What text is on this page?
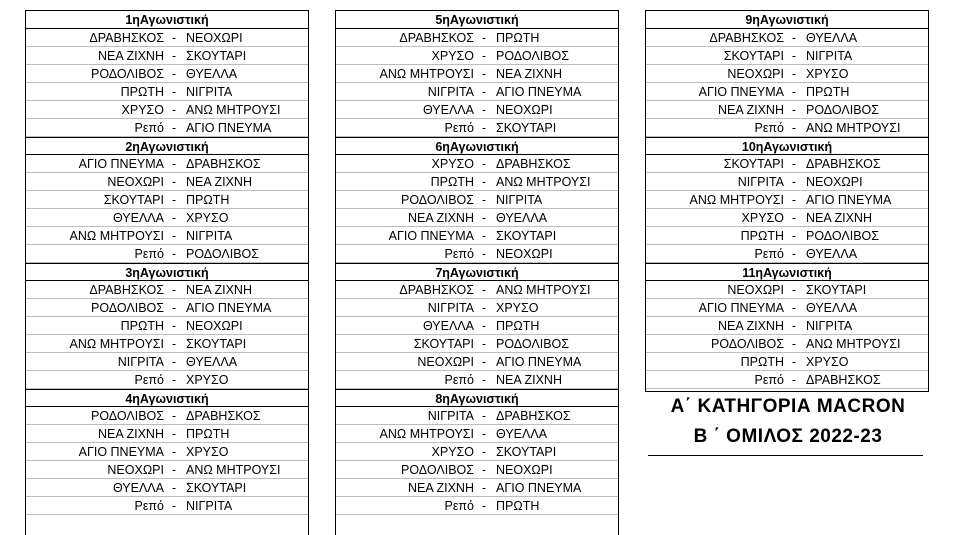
1ηΑγωνιστική
ΔΡΑΒΗΣΚΟΣ - ΝΕΟΧΩΡΙ
ΝΕΑ ΖΙΧΝΗ - ΣΚΟΥΤΑΡΙ
ΡΟΔΟΛΙΒΟΣ - ΘΥΕΛΛΑ
ΠΡΩΤΗ - ΝΙΓΡΙΤΑ
ΧΡΥΣΟ - ΑΝΩ ΜΗΤΡΟΥΣΙ
Ρεπό - ΑΓΙΟ ΠΝΕΥΜΑ
2ηΑγωνιστική
ΑΓΙΟ ΠΝΕΥΜΑ - ΔΡΑΒΗΣΚΟΣ
ΝΕΟΧΩΡΙ - ΝΕΑ ΖΙΧΝΗ
ΣΚΟΥΤΑΡΙ - ΠΡΩΤΗ
ΘΥΕΛΛΑ - ΧΡΥΣΟ
ΑΝΩ ΜΗΤΡΟΥΣΙ - ΝΙΓΡΙΤΑ
Ρεπό - ΡΟΔΟΛΙΒΟΣ
3ηΑγωνιστική
ΔΡΑΒΗΣΚΟΣ - ΝΕΑ ΖΙΧΝΗ
ΡΟΔΟΛΙΒΟΣ - ΑΓΙΟ ΠΝΕΥΜΑ
ΠΡΩΤΗ - ΝΕΟΧΩΡΙ
ΑΝΩ ΜΗΤΡΟΥΣΙ - ΣΚΟΥΤΑΡΙ
ΝΙΓΡΙΤΑ - ΘΥΕΛΛΑ
Ρεπό - ΧΡΥΣΟ
4ηΑγωνιστική
ΡΟΔΟΛΙΒΟΣ - ΔΡΑΒΗΣΚΟΣ
ΝΕΑ ΖΙΧΝΗ - ΠΡΩΤΗ
ΑΓΙΟ ΠΝΕΥΜΑ - ΧΡΥΣΟ
ΝΕΟΧΩΡΙ - ΑΝΩ ΜΗΤΡΟΥΣΙ
ΘΥΕΛΛΑ - ΣΚΟΥΤΑΡΙ
Ρεπό - ΝΙΓΡΙΤΑ
5ηΑγωνιστική
ΔΡΑΒΗΣΚΟΣ - ΠΡΩΤΗ
ΧΡΥΣΟ - ΡΟΔΟΛΙΒΟΣ
ΑΝΩ ΜΗΤΡΟΥΣΙ - ΝΕΑ ΖΙΧΝΗ
ΝΙΓΡΙΤΑ - ΑΓΙΟ ΠΝΕΥΜΑ
ΘΥΕΛΛΑ - ΝΕΟΧΩΡΙ
Ρεπό - ΣΚΟΥΤΑΡΙ
6ηΑγωνιστική
ΧΡΥΣΟ - ΔΡΑΒΗΣΚΟΣ
ΠΡΩΤΗ - ΑΝΩ ΜΗΤΡΟΥΣΙ
ΡΟΔΟΛΙΒΟΣ - ΝΙΓΡΙΤΑ
ΝΕΑ ΖΙΧΝΗ - ΘΥΕΛΛΑ
ΑΓΙΟ ΠΝΕΥΜΑ - ΣΚΟΥΤΑΡΙ
Ρεπό - ΝΕΟΧΩΡΙ
7ηΑγωνιστική
ΔΡΑΒΗΣΚΟΣ - ΑΝΩ ΜΗΤΡΟΥΣΙ
ΝΙΓΡΙΤΑ - ΧΡΥΣΟ
ΘΥΕΛΛΑ - ΠΡΩΤΗ
ΣΚΟΥΤΑΡΙ - ΡΟΔΟΛΙΒΟΣ
ΝΕΟΧΩΡΙ - ΑΓΙΟ ΠΝΕΥΜΑ
Ρεπό - ΝΕΑ ΖΙΧΝΗ
8ηΑγωνιστική
ΝΙΓΡΙΤΑ - ΔΡΑΒΗΣΚΟΣ
ΑΝΩ ΜΗΤΡΟΥΣΙ - ΘΥΕΛΛΑ
ΧΡΥΣΟ - ΣΚΟΥΤΑΡΙ
ΡΟΔΟΛΙΒΟΣ - ΝΕΟΧΩΡΙ
ΝΕΑ ΖΙΧΝΗ - ΑΓΙΟ ΠΝΕΥΜΑ
Ρεπό - ΠΡΩΤΗ
9ηΑγωνιστική
ΔΡΑΒΗΣΚΟΣ - ΘΥΕΛΛΑ
ΣΚΟΥΤΑΡΙ - ΝΙΓΡΙΤΑ
ΝΕΟΧΩΡΙ - ΧΡΥΣΟ
ΑΓΙΟ ΠΝΕΥΜΑ - ΠΡΩΤΗ
ΝΕΑ ΖΙΧΝΗ - ΡΟΔΟΛΙΒΟΣ
Ρεπό - ΑΝΩ ΜΗΤΡΟΥΣΙ
10ηΑγωνιστική
ΣΚΟΥΤΑΡΙ - ΔΡΑΒΗΣΚΟΣ
ΝΙΓΡΙΤΑ - ΝΕΟΧΩΡΙ
ΑΝΩ ΜΗΤΡΟΥΣΙ - ΑΓΙΟ ΠΝΕΥΜΑ
ΧΡΥΣΟ - ΝΕΑ ΖΙΧΝΗ
ΠΡΩΤΗ - ΡΟΔΟΛΙΒΟΣ
Ρεπό - ΘΥΕΛΛΑ
11ηΑγωνιστική
ΝΕΟΧΩΡΙ - ΣΚΟΥΤΑΡΙ
ΑΓΙΟ ΠΝΕΥΜΑ - ΘΥΕΛΛΑ
ΝΕΑ ΖΙΧΝΗ - ΝΙΓΡΙΤΑ
ΡΟΔΟΛΙΒΟΣ - ΑΝΩ ΜΗΤΡΟΥΣΙ
ΠΡΩΤΗ - ΧΡΥΣΟ
Ρεπό - ΔΡΑΒΗΣΚΟΣ
Α΄ ΚΑΤΗΓΟΡΙΑ MACRON
Β ΄ ΟΜΙΛΟΣ 2022-23
